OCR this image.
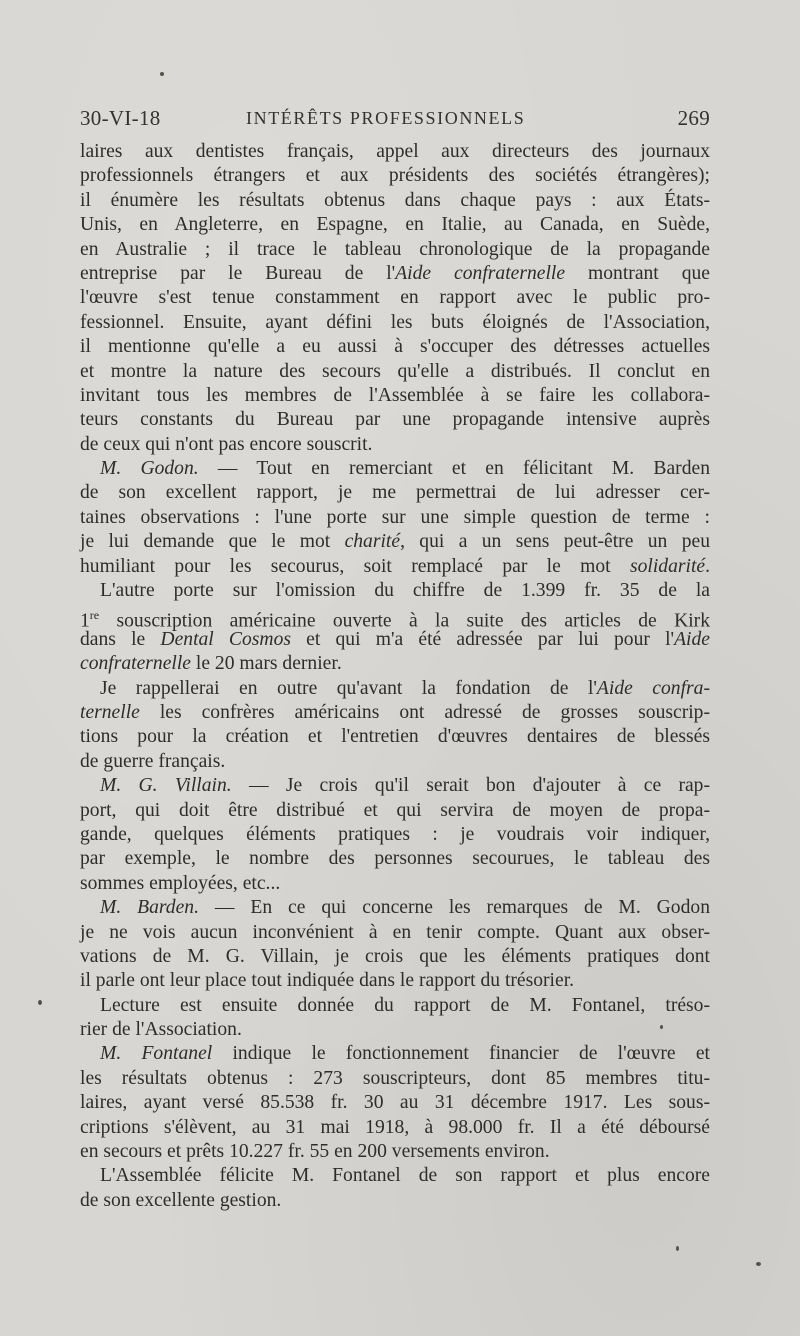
30-VI-18	INTÉRÊTS PROFESSIONNELS	269
laires aux dentistes français, appel aux directeurs des journaux
professionnels étrangers et aux présidents des sociétés étrangères);
il énumère les résultats obtenus dans chaque pays : aux États-
Unis, en Angleterre, en Espagne, en Italie, au Canada, en Suède,
en Australie ; il trace le tableau chronologique de la propagande
entreprise par le Bureau de l'Aide confraternelle montrant que
l'œuvre s'est tenue constamment en rapport avec le public pro-
fessionnel. Ensuite, ayant défini les buts éloignés de l'Association,
il mentionne qu'elle a eu aussi à s'occuper des détresses actuelles
et montre la nature des secours qu'elle a distribués. Il conclut en
invitant tous les membres de l'Assemblée à se faire les collabora-
teurs constants du Bureau par une propagande intensive auprès
de ceux qui n'ont pas encore souscrit.
M. Godon. — Tout en remerciant et en félicitant M. Barden
de son excellent rapport, je me permettrai de lui adresser cer-
taines observations : l'une porte sur une simple question de terme :
je lui demande que le mot charité, qui a un sens peut-être un peu
humiliant pour les secourus, soit remplacé par le mot solidarité.
L'autre porte sur l'omission du chiffre de 1.399 fr. 35 de la
1re souscription américaine ouverte à la suite des articles de Kirk
dans le Dental Cosmos et qui m'a été adressée par lui pour l'Aide
confraternelle le 20 mars dernier.
Je rappellerai en outre qu'avant la fondation de l'Aide confra-
ternelle les confrères américains ont adressé de grosses souscrip-
tions pour la création et l'entretien d'œuvres dentaires de blessés
de guerre français.
M. G. Villain. — Je crois qu'il serait bon d'ajouter à ce rap-
port, qui doit être distribué et qui servira de moyen de propa-
gande, quelques éléments pratiques : je voudrais voir indiquer,
par exemple, le nombre des personnes secourues, le tableau des
sommes employées, etc...
M. Barden. — En ce qui concerne les remarques de M. Godon
je ne vois aucun inconvénient à en tenir compte. Quant aux obser-
vations de M. G. Villain, je crois que les éléments pratiques dont
il parle ont leur place tout indiquée dans le rapport du trésorier.
Lecture est ensuite donnée du rapport de M. Fontanel, tréso-
rier de l'Association.
M. Fontanel indique le fonctionnement financier de l'œuvre et
les résultats obtenus : 273 souscripteurs, dont 85 membres titu-
laires, ayant versé 85.538 fr. 30 au 31 décembre 1917. Les sous-
criptions s'élèvent, au 31 mai 1918, à 98.000 fr. Il a été déboursé
en secours et prêts 10.227 fr. 55 en 200 versements environ.
L'Assemblée félicite M. Fontanel de son rapport et plus encore
de son excellente gestion.
